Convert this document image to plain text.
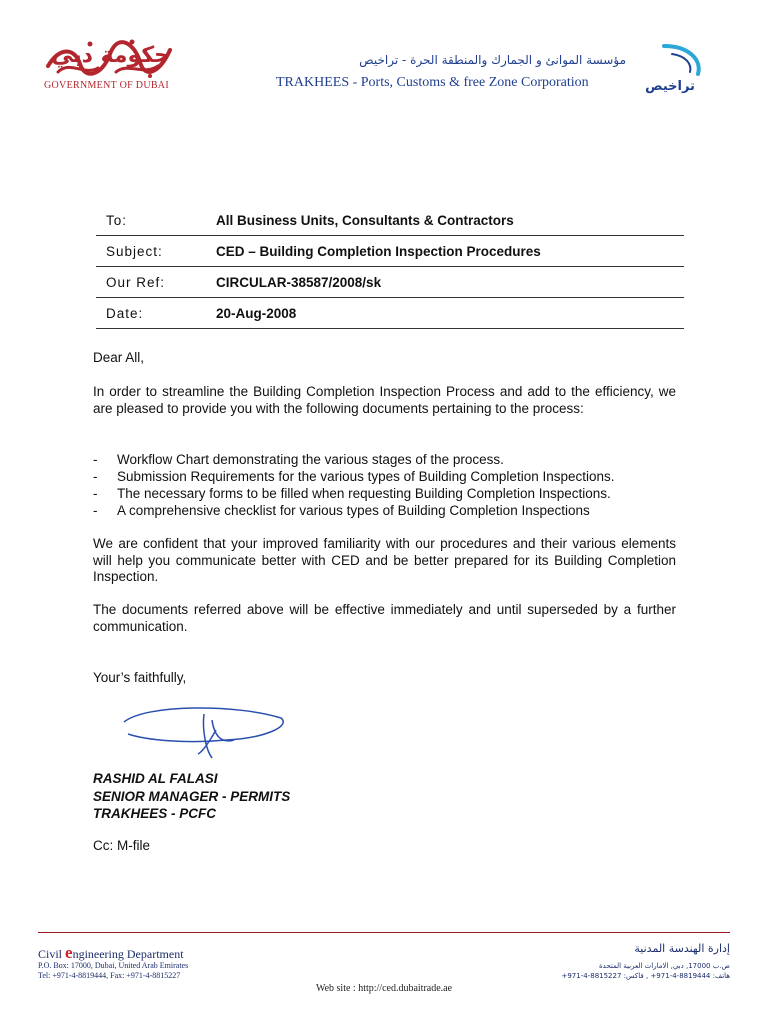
حكومة دبي
GOVERNMENT OF DUBAI
مؤسسة الموانئ و الجمارك والمنطقة الحرة - تراخيص
TRAKHEES - Ports, Customs & free Zone Corporation	تراخيص
To:	All Business Units, Consultants & Contractors
Subject:	CED – Building Completion Inspection Procedures
Our Ref:	CIRCULAR-38587/2008/sk
Date:	20-Aug-2008
Dear All,
In order to streamline the Building Completion Inspection Process and add to the efficiency, we are pleased to provide you with the following documents pertaining to the process:
-	Workflow Chart demonstrating the various stages of the process.
-	Submission Requirements for the various types of Building Completion Inspections.
-	The necessary forms to be filled when requesting Building Completion Inspections.
-	A comprehensive checklist for various types of Building Completion Inspections
We are confident that your improved familiarity with our procedures and their various elements will help you communicate better with CED and be better prepared for its Building Completion Inspection.
The documents referred above will be effective immediately and until superseded by a further communication.
Your’s faithfully,
RASHID AL FALASI
SENIOR MANAGER - PERMITS
TRAKHEES - PCFC
Cc: M-file
Civil engineering Department
P.O. Box: 17000, Dubai, United Arab Emirates
Tel: +971-4-8819444, Fax: +971-4-8815227
إدارة الهندسة المدنية
ص.ب 17000, دبي, الامارات العربية المتحدة
هاتف: 8819444-4-971+ , فاكس: 8815227-4-971+
Web site : http://ced.dubaitrade.ae
